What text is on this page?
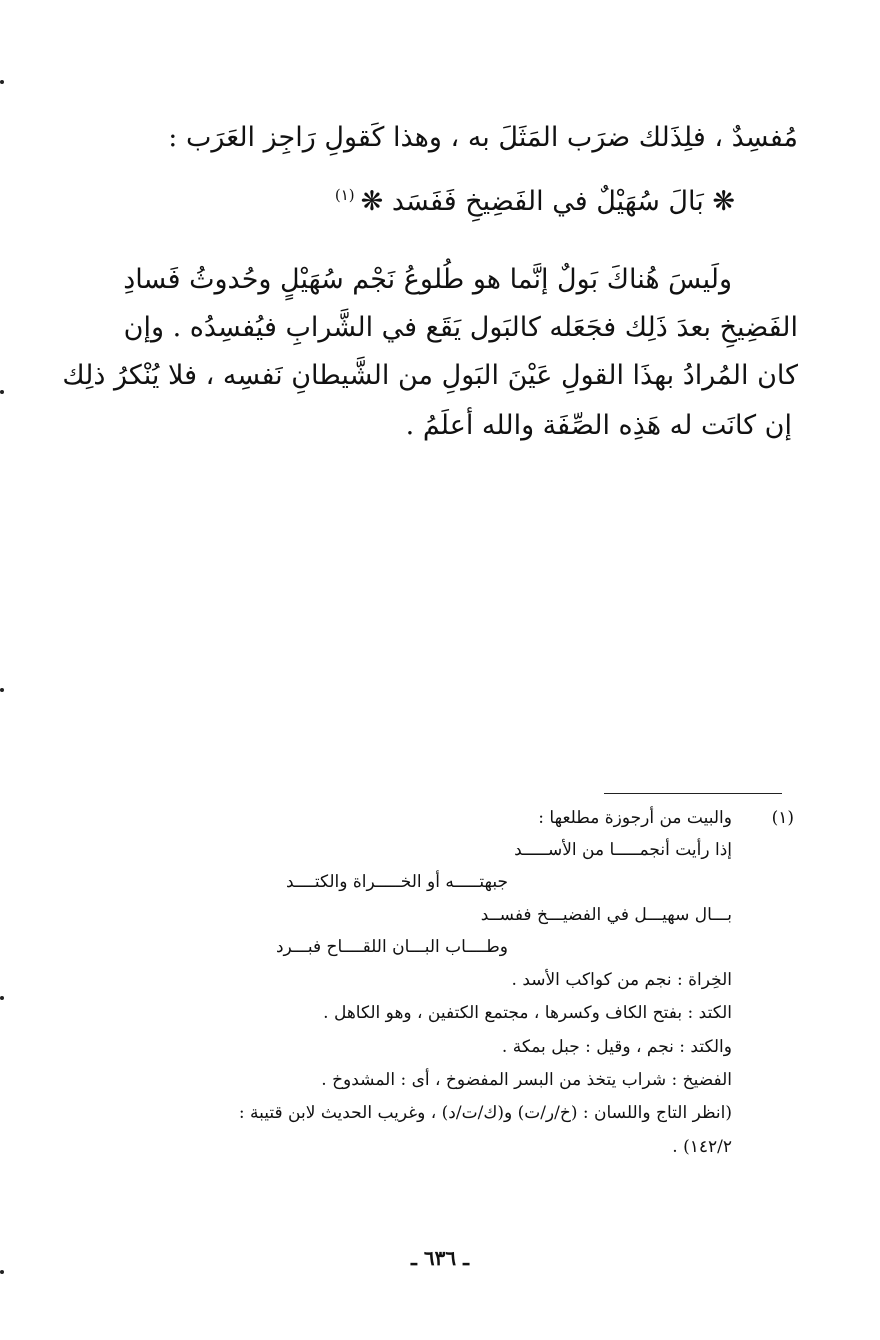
مُفسِدٌ ، فلِذَلك ضرَب المَثَلَ به ، وهذا كَقولِ رَاجِز العَرَب :
❋ بَالَ سُهَيْلٌ في الفَضِيخِ فَفَسَد ❋$^{(١)}$
ولَيسَ هُناكَ بَولٌ إنَّما هو طُلوعُ نَجْم سُهَيْلٍ وحُدوثُ فَسادِ
الفَضِيخِ بعدَ ذَلِك فجَعَله كالبَول يَقَع في الشَّرابِ فيُفسِدُه . وإن
كان المُرادُ بهذَا القولِ عَيْنَ البَولِ من الشَّيطانِ نَفسِه ، فلا يُنْكرُ ذلِك
إن كانَت له هَذِه الصِّفَة والله أعلَمُ .
(١)
والبيت من أرجوزة مطلعها :
إذا رأيت أنجمـــــا من الأســـــد
جبهتـــــه أو الخـــــراة والكتــــد
بـــال سهيـــل في الفضيـــخ ففســد
وطــــاب البـــان اللقــــاح فبـــرد
الخِراة : نجم من كواكب الأسد .
الكتد : بفتح الكاف وكسرها ، مجتمع الكتفين ، وهو الكاهل .
والكتد : نجم ، وقيل : جبل بمكة .
الفضيخ : شراب يتخذ من البسر المفضوخ ، أى : المشدوخ .
(انظر التاج واللسان : (خ/ر/ت) و(ك/ت/د) ، وغريب الحديث لابن قتيبة :
١٤٢/٢) .
ـ ٦٣٦ ـ
